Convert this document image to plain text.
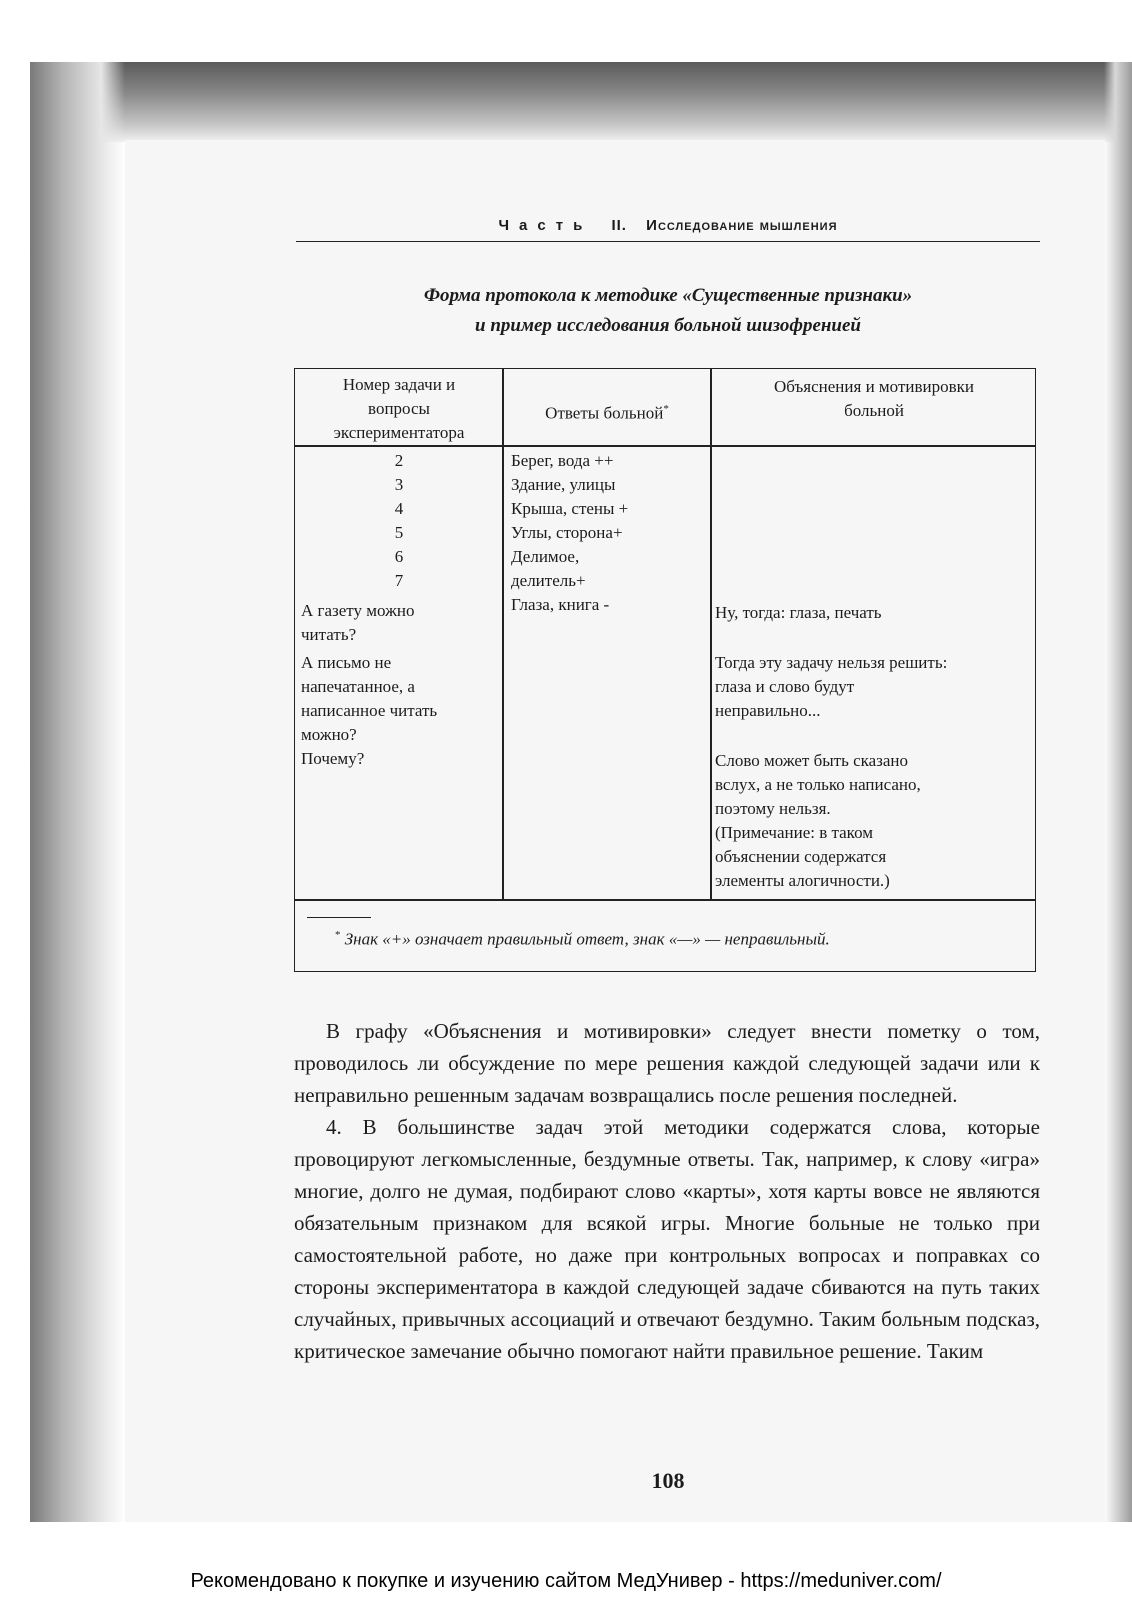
Часть II. Исследование мышления
Форма протокола к методике «Существенные признаки»
и пример исследования больной шизофренией
Номер задачи и
вопросы
экспериментатора
Ответы больной*
Объяснения и мотивировки
больной
2
3
4
5
6
7
А газету можно
читать?
А письмо не
напечатанное, а
написанное читать
можно?
Почему?
Берег, вода ++
Здание, улицы
Крыша, стены +
Углы, сторона+
Делимое,
делитель+
Глаза, книга -	Ну, тогда: глаза, печать
Тогда эту задачу нельзя решить:
глаза и слово будут
неправильно...
Слово может быть сказано
вслух, а не только написано,
поэтому нельзя.
(Примечание: в таком
объяснении содержатся
элементы алогичности.)
* Знак «+» означает правильный ответ, знак «—» — неправильный.

В графу «Объяснения и мотивировки» следует внести пометку о том, проводилось ли обсуждение по мере решения каждой следующей задачи или к неправильно решенным задачам возвращались после решения последней.

4. В большинстве задач этой методики содержатся слова, которые провоцируют легкомысленные, бездумные ответы. Так, например, к слову «игра» многие, долго не думая, подбирают слово «карты», хотя карты вовсе не являются обязательным признаком для всякой игры. Многие больные не только при самостоятельной работе, но даже при контрольных вопросах и поправках со стороны экспериментатора в каждой следующей задаче сбиваются на путь таких случайных, привычных ассоциаций и отвечают бездумно. Таким больным подсказ, критическое замечание обычно помогают найти правильное решение. Таким

108
Рекомендовано к покупке и изучению сайтом МедУнивер - https://meduniver.com/
